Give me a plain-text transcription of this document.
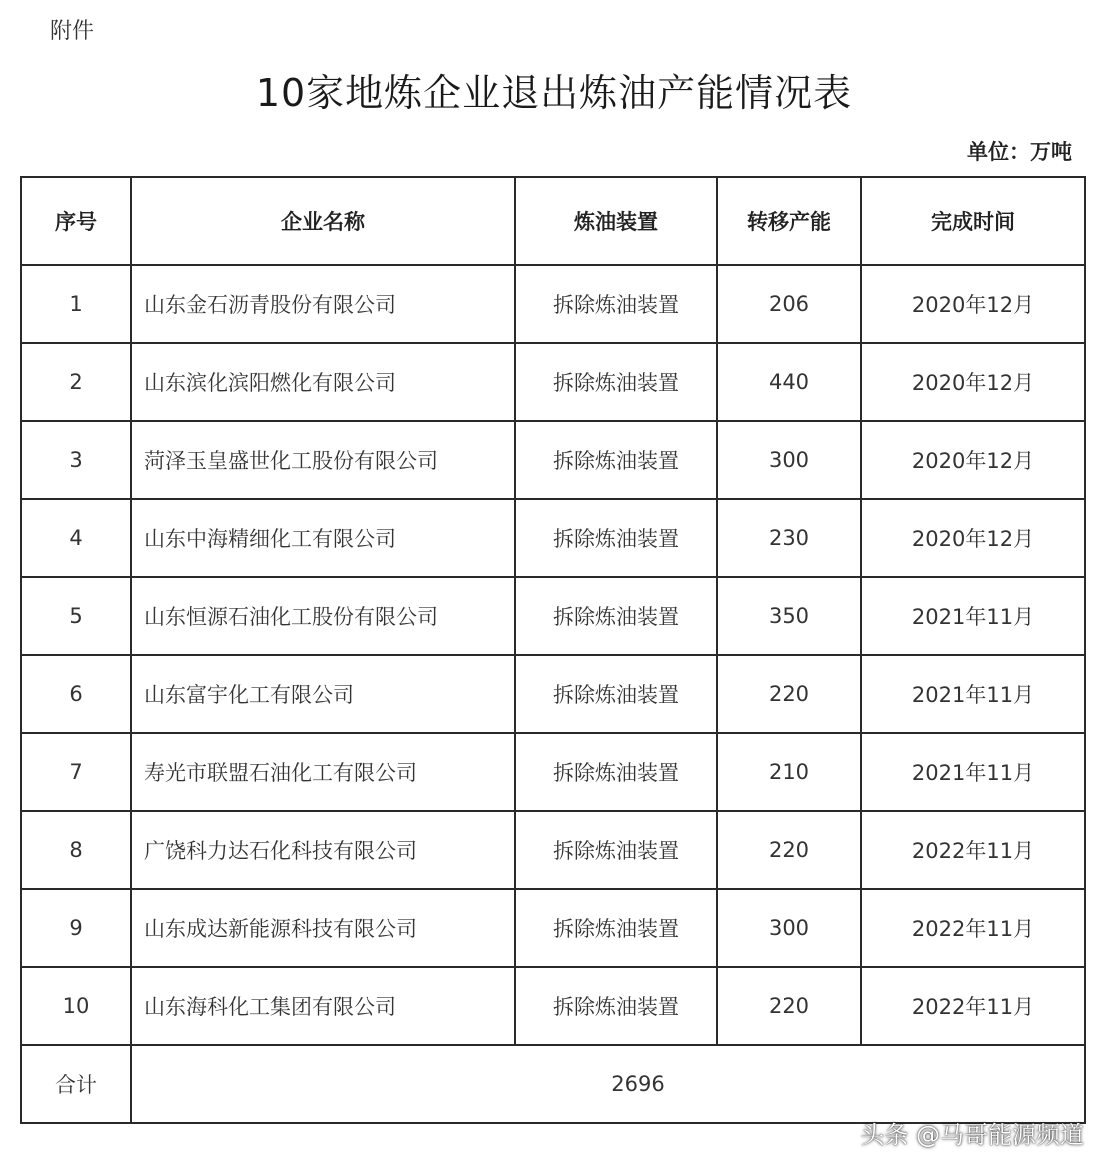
附件
10家地炼企业退出炼油产能情况表
单位：万吨
序号	企业名称	炼油装置	转移产能	完成时间
1	山东金石沥青股份有限公司	拆除炼油装置	206	2020年12月
2	山东滨化滨阳燃化有限公司	拆除炼油装置	440	2020年12月
3	菏泽玉皇盛世化工股份有限公司	拆除炼油装置	300	2020年12月
4	山东中海精细化工有限公司	拆除炼油装置	230	2020年12月
5	山东恒源石油化工股份有限公司	拆除炼油装置	350	2021年11月
6	山东富宇化工有限公司	拆除炼油装置	220	2021年11月
7	寿光市联盟石油化工有限公司	拆除炼油装置	210	2021年11月
8	广饶科力达石化科技有限公司	拆除炼油装置	220	2022年11月
9	山东成达新能源科技有限公司	拆除炼油装置	300	2022年11月
10	山东海科化工集团有限公司	拆除炼油装置	220	2022年11月
合计	2696			
头条 @马哥能源频道
